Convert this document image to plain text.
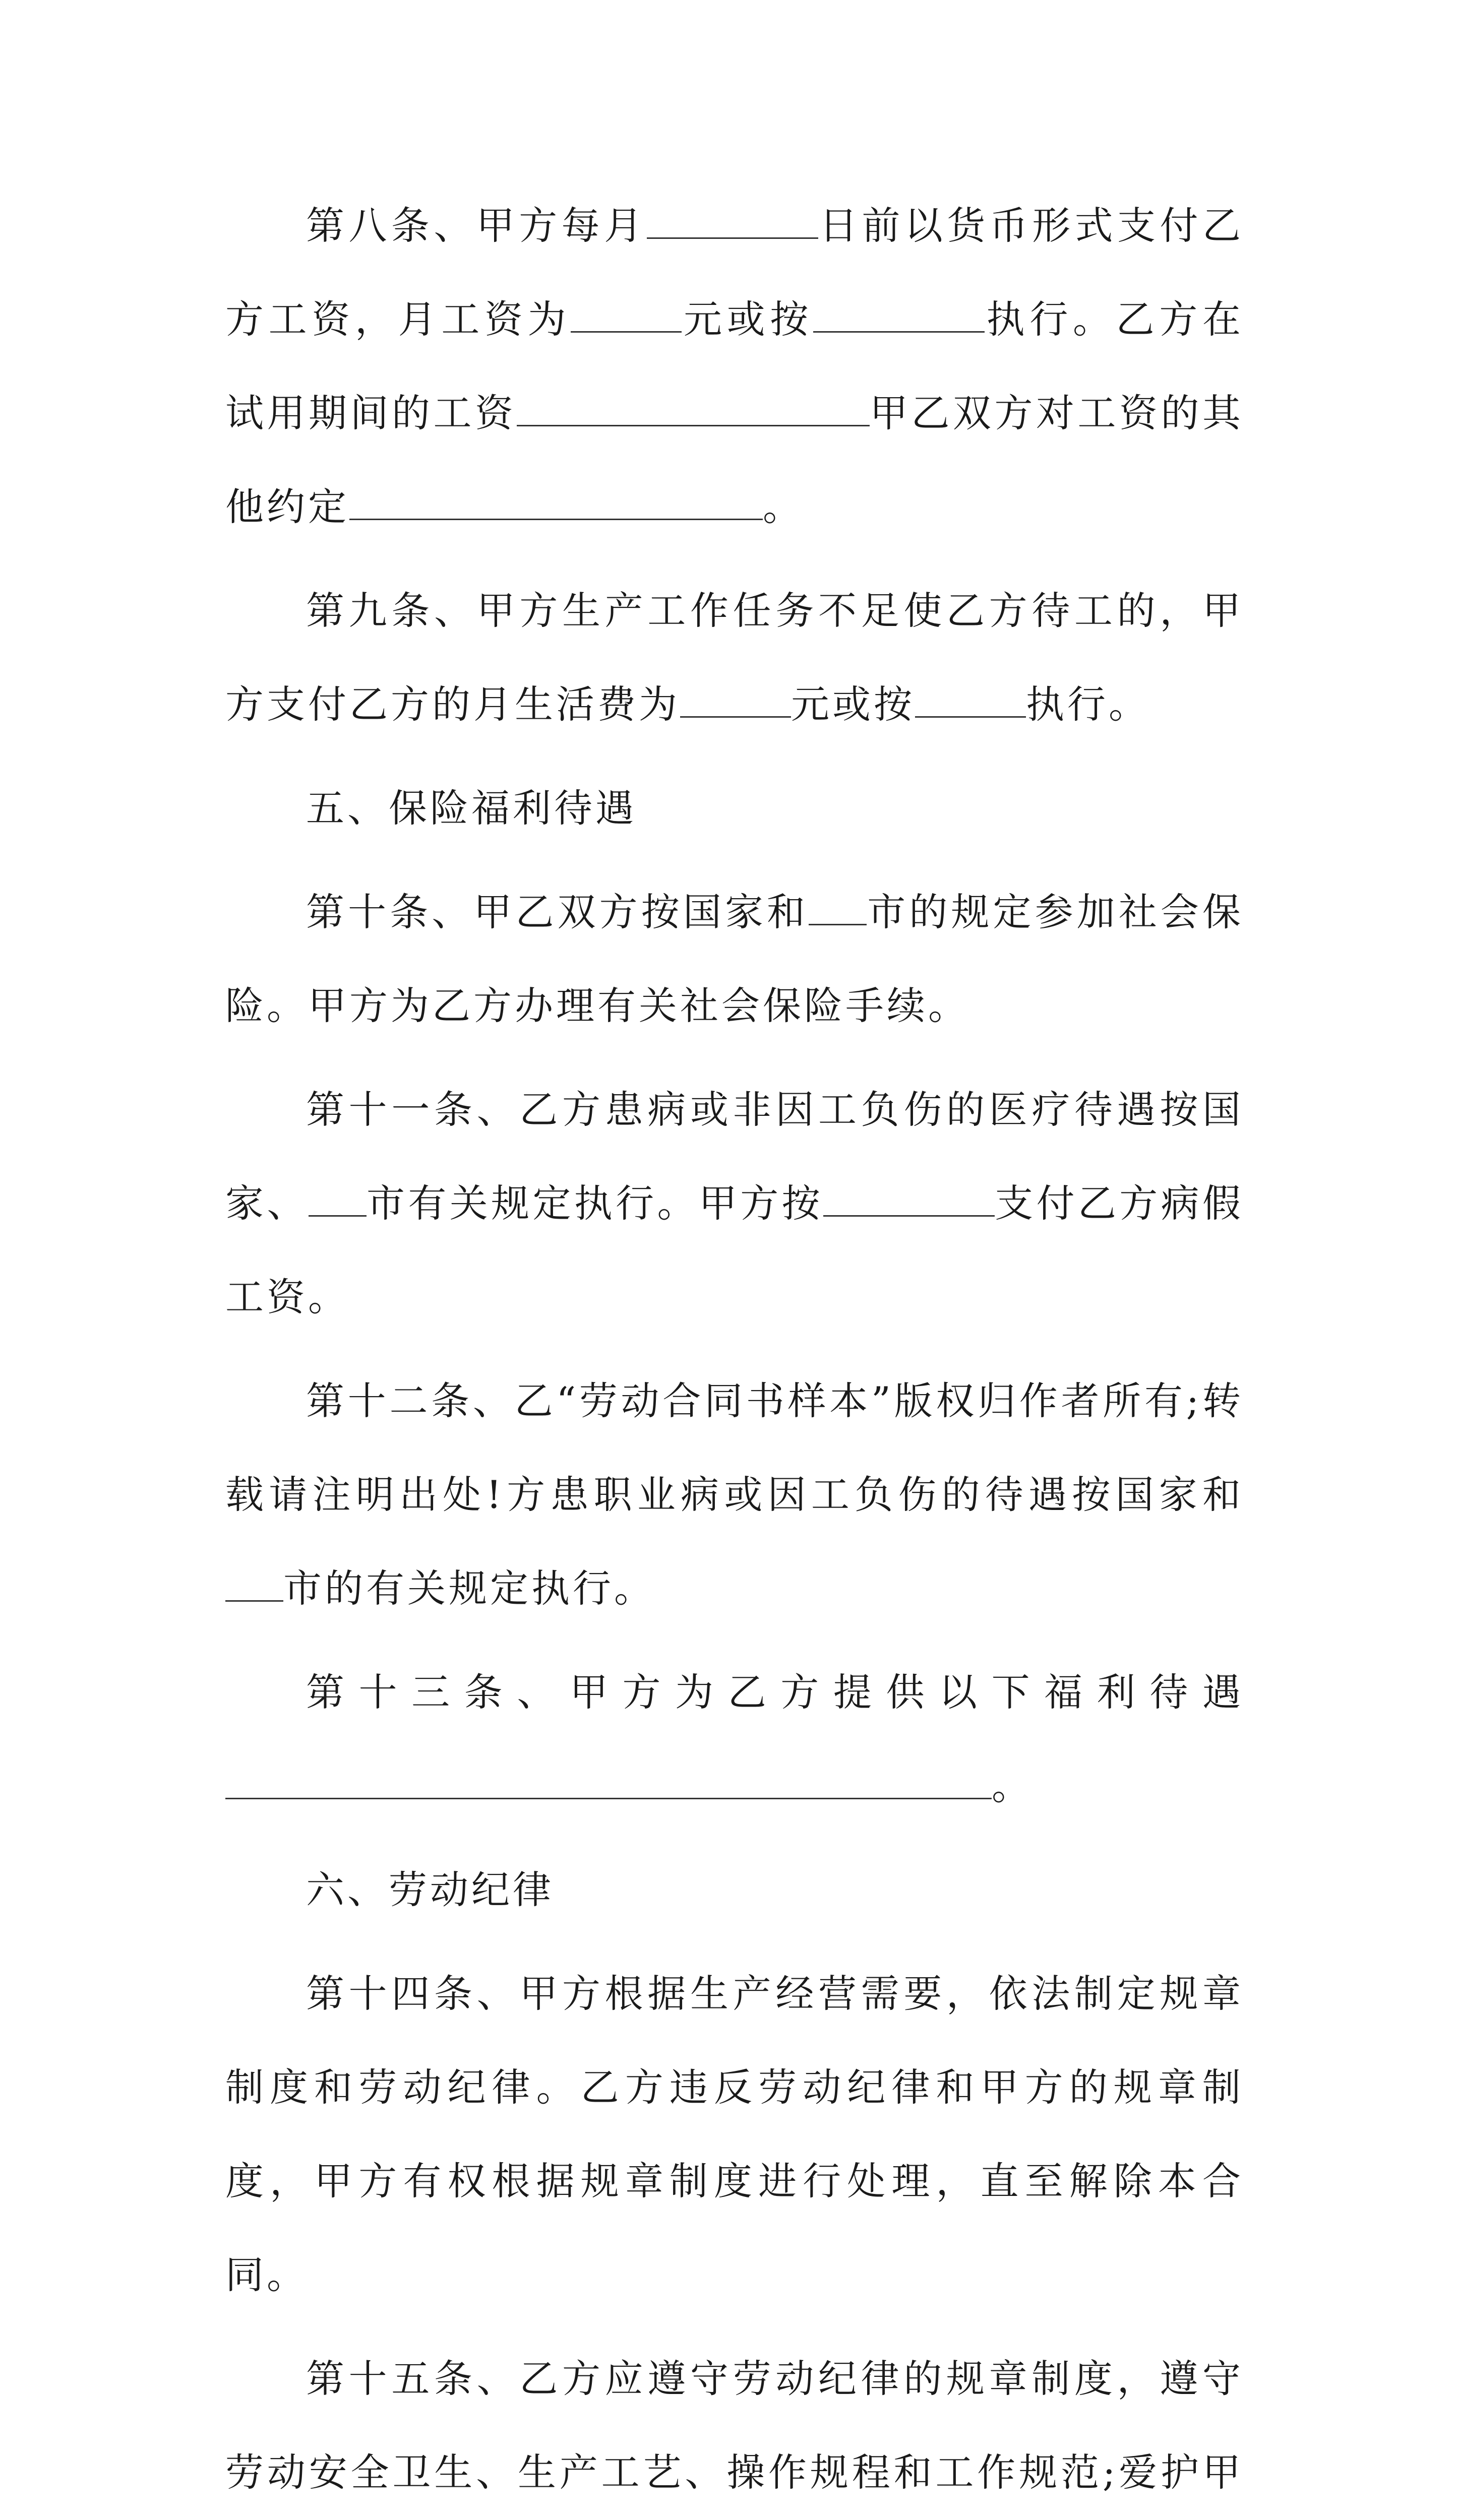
第八条、甲方每月	日前以货币形式支付乙方工资，月工资为	元或按	执行。乙方在试用期间的工资	甲乙双方对工资的其他约定	。

第九条、甲方生产工作任务不足使乙方待工的，甲方支付乙方的月生活费为	元或按	执行。

五、保险福利待遇

第十条、甲乙双方按国家和 市的规定参加社会保险。甲方为乙方办理有关社会保险手续。

第十一条、乙方患病或非因工负伤的医疗待遇按国家、 市有关规定执行。甲方按	支付乙方病假工资。

第十二条、乙“劳动合同书样本”版权归作者所有;转载请注明出处!方患职业病或因工负伤的待遇按国家和市的有关规定执行。

第十三条、甲方为乙方提供以下福利待遇。

六、劳动纪律

第十四条、甲方根据生产经营需要，依法制定规章制度和劳动纪律。乙方违反劳动纪律和甲方的规章制度，甲方有权根据规章制度进行处理，直至解除本合同。

第十五条、乙方应遵守劳动纪律的规章制度，遵守劳动安全卫生、生产工艺、操作规程和工作规范;爱护甲
